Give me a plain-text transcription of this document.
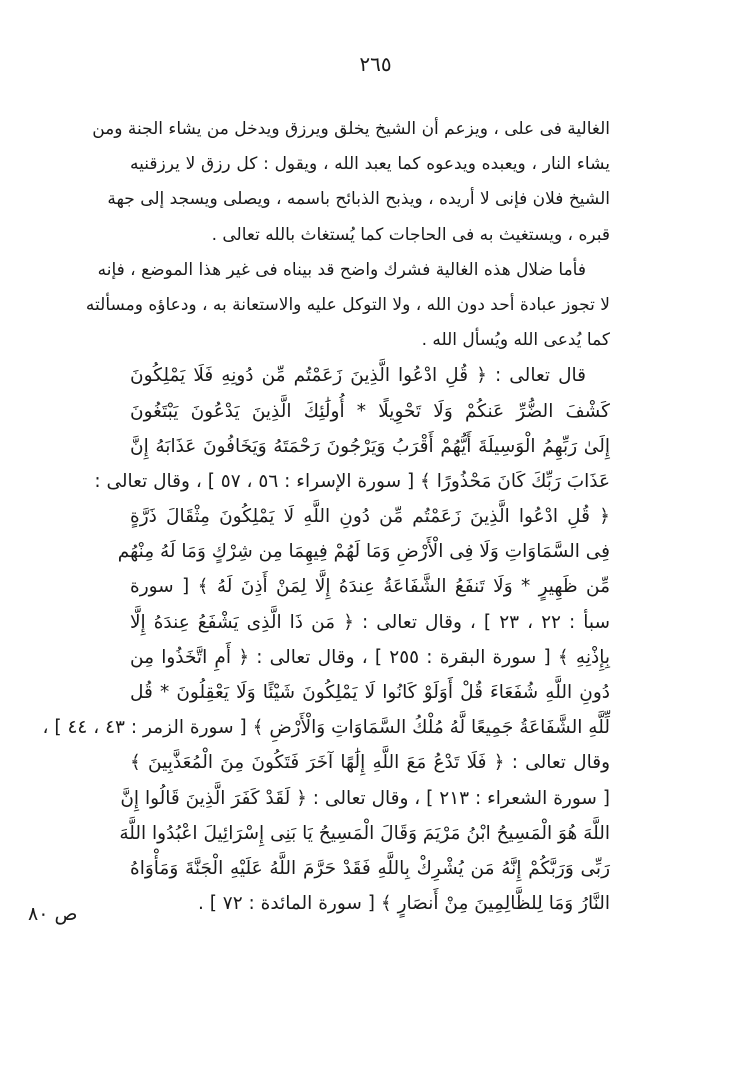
٢٦٥
ص ٨٠
الغالية فى على ، ويزعم أن الشيخ يخلق ويرزق ويدخل من يشاء الجنة ومن
يشاء النار ، ويعبده ويدعوه كما يعبد الله ، ويقول : كل رزق لا يرزقنيه
الشيخ فلان فإنى لا أريده ، ويذبح الذبائح باسمه ، ويصلى ويسجد إلى جهة
قبره ، ويستغيث به فى الحاجات كما يُستغاث بالله تعالى .
فأما ضلال هذه الغالية فشرك واضح قد بيناه فى غير هذا الموضع ، فإنه
لا تجوز عبادة أحد دون الله ، ولا التوكل عليه والاستعانة به ، ودعاؤه ومسألته
كما يُدعى الله ويُسأل الله .
قال تعالى : ﴿ قُلِ ادْعُوا الَّذِينَ زَعَمْتُم مِّن دُونِهِ فَلَا يَمْلِكُونَ
كَشْفَ الضُّرِّ عَنكُمْ وَلَا تَحْوِيلًا * أُولَٰئِكَ الَّذِينَ يَدْعُونَ يَبْتَغُونَ
إِلَىٰ رَبِّهِمُ الْوَسِيلَةَ أَيُّهُمْ أَقْرَبُ وَيَرْجُونَ رَحْمَتَهُ وَيَخَافُونَ عَذَابَهُ إِنَّ
عَذَابَ رَبِّكَ كَانَ مَحْذُورًا ﴾ [ سورة الإسراء : ٥٦ ، ٥٧ ] ، وقال تعالى :
﴿ قُلِ ادْعُوا الَّذِينَ زَعَمْتُم مِّن دُونِ اللَّهِ لَا يَمْلِكُونَ مِثْقَالَ ذَرَّةٍ
فِى السَّمَاوَاتِ وَلَا فِى الْأَرْضِ وَمَا لَهُمْ فِيهِمَا مِن شِرْكٍ وَمَا لَهُ مِنْهُم
مِّن ظَهِيرٍ * وَلَا تَنفَعُ الشَّفَاعَةُ عِندَهُ إِلَّا لِمَنْ أَذِنَ لَهُ ﴾ [ سورة
سبأ : ٢٢ ، ٢٣ ] ، وقال تعالى : ﴿ مَن ذَا الَّذِى يَشْفَعُ عِندَهُ إِلَّا
بِإِذْنِهِ ﴾ [ سورة البقرة : ٢٥٥ ] ، وقال تعالى : ﴿ أَمِ اتَّخَذُوا مِن
دُونِ اللَّهِ شُفَعَاءَ قُلْ أَوَلَوْ كَانُوا لَا يَمْلِكُونَ شَيْئًا وَلَا يَعْقِلُونَ * قُل
لِّلَّهِ الشَّفَاعَةُ جَمِيعًا لَّهُ مُلْكُ السَّمَاوَاتِ وَالْأَرْضِ ﴾ [ سورة الزمر : ٤٣ ، ٤٤ ] ،
وقال تعالى : ﴿ فَلَا تَدْعُ مَعَ اللَّهِ إِلَٰهًا آخَرَ فَتَكُونَ مِنَ الْمُعَذَّبِينَ ﴾
[ سورة الشعراء : ٢١٣ ] ، وقال تعالى : ﴿ لَقَدْ كَفَرَ الَّذِينَ قَالُوا إِنَّ
اللَّهَ هُوَ الْمَسِيحُ ابْنُ مَرْيَمَ وَقَالَ الْمَسِيحُ يَا بَنِى إِسْرَائِيلَ اعْبُدُوا اللَّهَ
رَبِّى وَرَبَّكُمْ إِنَّهُ مَن يُشْرِكْ بِاللَّهِ فَقَدْ حَرَّمَ اللَّهُ عَلَيْهِ الْجَنَّةَ وَمَأْوَاهُ
النَّارُ وَمَا لِلظَّالِمِينَ مِنْ أَنصَارٍ ﴾ [ سورة المائدة : ٧٢ ] .
